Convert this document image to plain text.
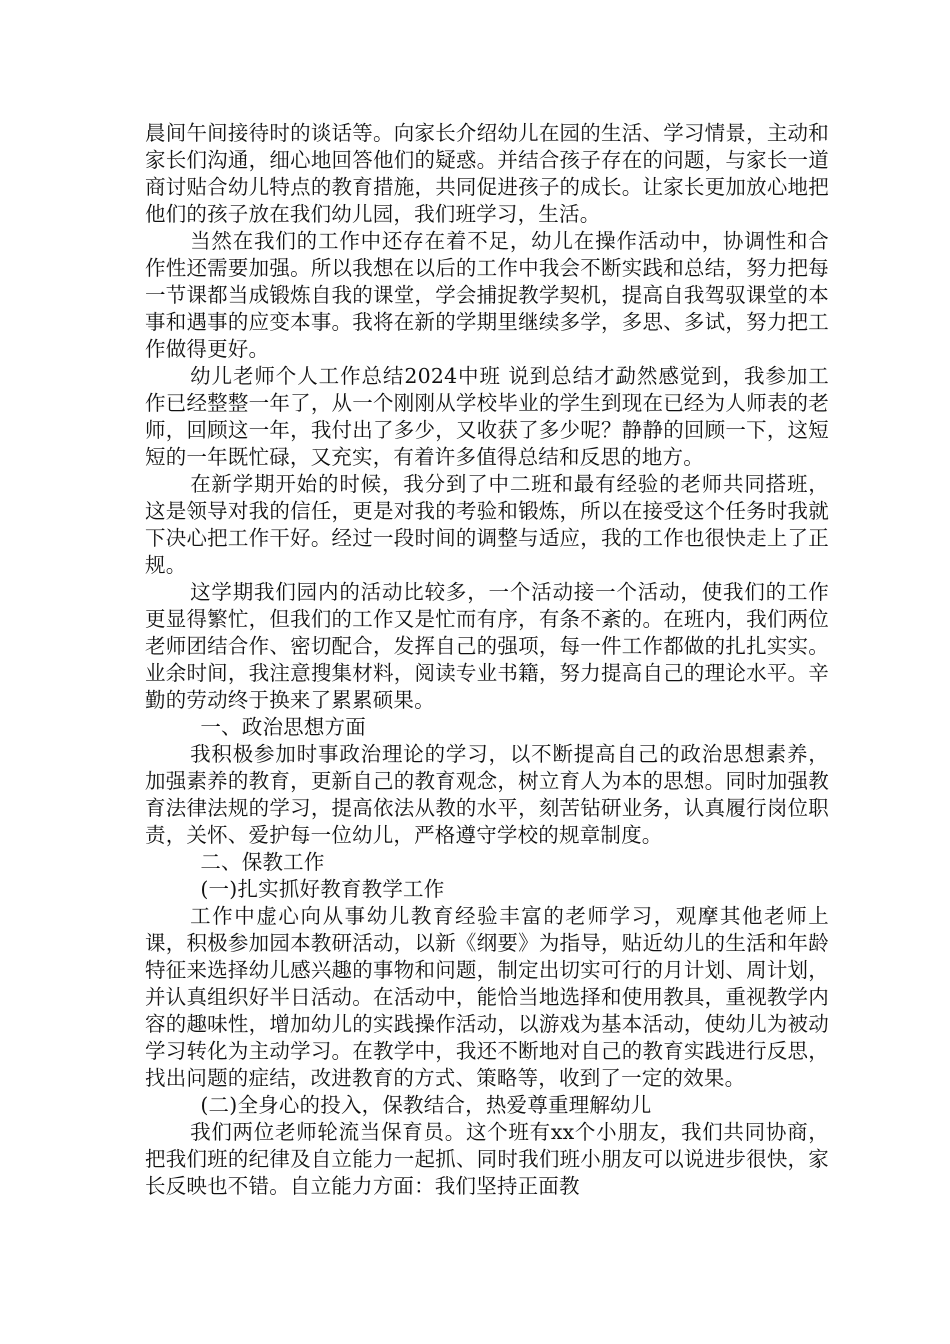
晨间午间接待时的谈话等。向家长介绍幼儿在园的生活、学习情景，主动和家长们沟通，细心地回答他们的疑惑。并结合孩子存在的问题，与家长一道商讨贴合幼儿特点的教育措施，共同促进孩子的成长。让家长更加放心地把他们的孩子放在我们幼儿园，我们班学习，生活。

当然在我们的工作中还存在着不足，幼儿在操作活动中，协调性和合作性还需要加强。所以我想在以后的工作中我会不断实践和总结，努力把每一节课都当成锻炼自我的课堂，学会捕捉教学契机，提高自我驾驭课堂的本事和遇事的应变本事。我将在新的学期里继续多学，多思、多试，努力把工作做得更好。

幼儿老师个人工作总结2024中班 说到总结才勐然感觉到，我参加工作已经整整一年了，从一个刚刚从学校毕业的学生到现在已经为人师表的老师，回顾这一年，我付出了多少，又收获了多少呢？静静的回顾一下，这短短的一年既忙碌，又充实，有着许多值得总结和反思的地方。

在新学期开始的时候，我分到了中二班和最有经验的老师共同搭班，这是领导对我的信任，更是对我的考验和锻炼，所以在接受这个任务时我就下决心把工作干好。经过一段时间的调整与适应，我的工作也很快走上了正规。

这学期我们园内的活动比较多，一个活动接一个活动，使我们的工作更显得繁忙，但我们的工作又是忙而有序，有条不紊的。在班内，我们两位老师团结合作、密切配合，发挥自己的强项，每一件工作都做的扎扎实实。业余时间，我注意搜集材料，阅读专业书籍，努力提高自己的理论水平。辛勤的劳动终于换来了累累硕果。

一、政治思想方面

我积极参加时事政治理论的学习，以不断提高自己的政治思想素养，加强素养的教育，更新自己的教育观念，树立育人为本的思想。同时加强教育法律法规的学习，提高依法从教的水平，刻苦钻研业务，认真履行岗位职责，关怀、爱护每一位幼儿，严格遵守学校的规章制度。

二、保教工作

(一)扎实抓好教育教学工作

工作中虚心向从事幼儿教育经验丰富的老师学习，观摩其他老师上课，积极参加园本教研活动，以新《纲要》为指导，贴近幼儿的生活和年龄特征来选择幼儿感兴趣的事物和问题，制定出切实可行的月计划、周计划，并认真组织好半日活动。在活动中，能恰当地选择和使用教具，重视教学内容的趣味性，增加幼儿的实践操作活动，以游戏为基本活动，使幼儿为被动学习转化为主动学习。在教学中，我还不断地对自己的教育实践进行反思，找出问题的症结，改进教育的方式、策略等，收到了一定的效果。

(二)全身心的投入，保教结合，热爱尊重理解幼儿

我们两位老师轮流当保育员。这个班有xx个小朋友，我们共同协商，把我们班的纪律及自立能力一起抓、同时我们班小朋友可以说进步很快，家长反映也不错。自立能力方面：我们坚持正面教
